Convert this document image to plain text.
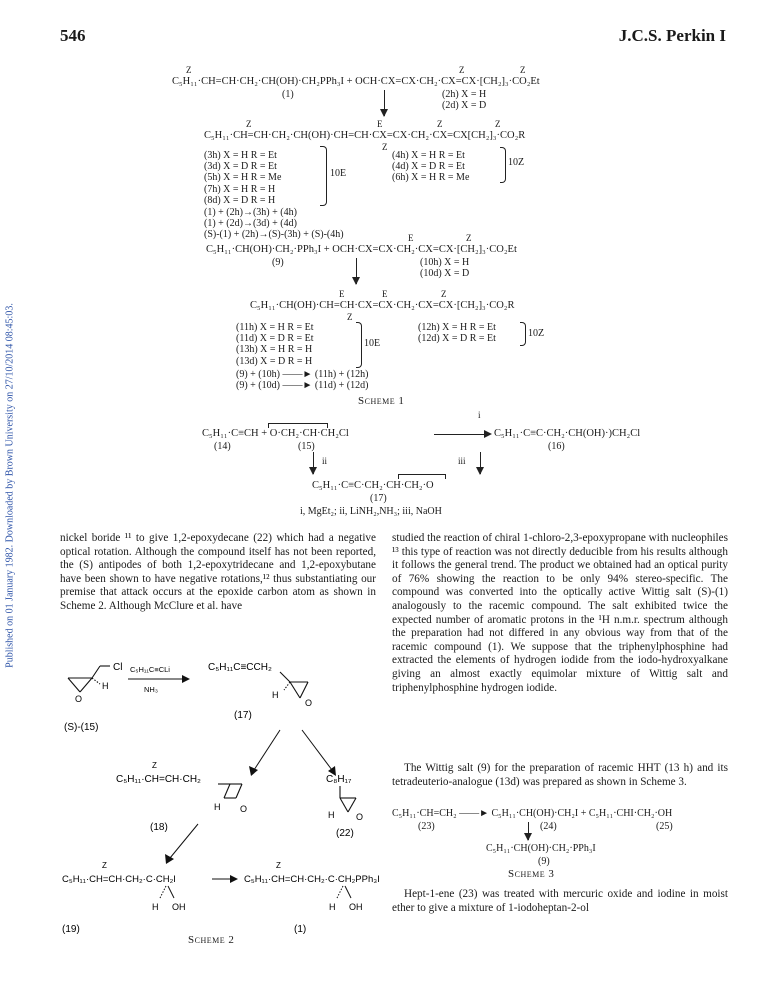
546	J.C.S. Perkin I
Published on 01 January 1982. Downloaded by Brown University on 27/10/2014 08:45:03.
Z	Z	Z
C₅H₁₁·CH=CH·CH₂·CH(OH)·CH₂PPh₃I + OCH·CX=CX·CH₂·CX=CX·[CH₂]₃·CO₂Et
(1)	(2h) X = H
(2d) X = D
Z	E	Z	Z
C₅H₁₁·CH=CH·CH₂·CH(OH)·CH=CH·CX=CX·CH₂·CX=CX[CH₂]₃·CO₂R
Z
(3h) X = H R = Et
(3d) X = D R = Et
(5h) X = H R = Me
(7h) X = H R = H
(8d) X = D R = H
10E
(4h) X = H R = Et
(4d) X = D R = Et
(6h) X = H R = Me
10Z
(1) + (2h)→(3h) + (4h)
(1) + (2d)→(3d) + (4d)
(S)-(1) + (2h)→(S)-(3h) + (S)-(4h)	E	Z
C₅H₁₁·CH(OH)·CH₂·PPh₃I + OCH·CX=CX·CH₂·CX=CX·[CH₂]₃·CO₂Et
(9)	(10h) X = H
(10d) X = D
E	E	Z
C₅H₁₁·CH(OH)·CH=CH·CX=CX·CH₂·CX=CX·[CH₂]₃·CO₂R
Z
(11h) X = H R = Et
(11d) X = D R = Et
(13h) X = H R = H
(13d) X = D R = H
10E
(12h) X = H R = Et
(12d) X = D R = Et	10Z
(9) + (10h) ——► (11h) + (12h)
(9) + (10d) ——► (11d) + (12d)
Scheme 1
i
C₅H₁₁·C≡CH + O·CH₂·CH·CH₂Cl	C₅H₁₁·C≡C·CH₂·CH(OH)·)CH₂Cl
(14)	(15)	(16)
ii	iii
C₅H₁₁·C≡C·CH₂·CH·CH₂·O
(17)
i, MgEt₂; ii, LiNH₂,NH₃; iii, NaOH
nickel boride ¹¹ to give 1,2-epoxydecane (22) which had a negative optical rotation. Although the compound itself has not been reported, the (S) antipodes of both 1,2-epoxytridecane and 1,2-epoxybutane have been shown to have negative rotations,¹² thus substantiating our premise that attack occurs at the epoxide carbon atom as shown in Scheme 2. Although McClure et al. have
Cl
H
O
(S)-(15)
C₅H₁₁C≡CLi
NH₃
C₅H₁₁C≡CCH₂
H
O
(17)
Z
C₅H₁₁·CH=CH·CH₂
H O
(18)
C₈H₁₇
H O
(22)
Z
C₅H₁₁·CH=CH·CH₂·C·CH₂I
H OH
(19)
Z
C₅H₁₁·CH=CH·CH₂·C·CH₂PPh₃I
H OH
(1)
Scheme 2
studied the reaction of chiral 1-chloro-2,3-epoxypropane with nucleophiles ¹³ this type of reaction was not directly deducible from his results although it follows the general trend. The product we obtained had an optical purity of 76% showing the reaction to be only 94% stereo-specific. The compound was converted into the optically active Wittig salt (S)-(1) analogously to the racemic compound. The salt exhibited twice the expected number of aromatic protons in the ¹H n.m.r. spectrum although the preparation had not differed in any obvious way from that of the racemic compound (1). We suppose that the triphenylphosphine had extracted the elements of hydrogen iodide from the iodo-hydroxyalkane giving an almost exactly equimolar mixture of Wittig salt and triphenylphosphine hydrogen iodide.
The Wittig salt (9) for the preparation of racemic HHT (13 h) and its tetradeuterio-analogue (13d) was prepared as shown in Scheme 3.
C₅H₁₁·CH=CH₂ ——► C₅H₁₁·CH(OH)·CH₂I + C₅H₁₁·CHI·CH₂·OH
(23)	(24)	(25)
C₅H₁₁·CH(OH)·CH₂·PPh₃I
(9)
Scheme 3
Hept-1-ene (23) was treated with mercuric oxide and iodine in moist ether to give a mixture of 1-iodoheptan-2-ol
